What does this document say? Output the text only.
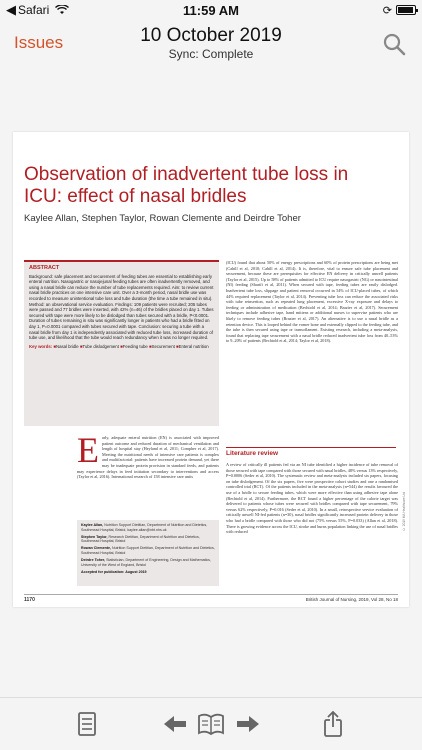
◀ Safari	11:59 AM	⟳
Issues	10 October 2019
Sync: Complete
Observation of inadvertent tube loss in ICU: effect of nasal bridles
Kaylee Allan, Stephen Taylor, Rowan Clemente and Deirdre Toher
ABSTRACT
Background: safe placement and securement of feeding tubes are essential to establishing early enteral nutrition. Nasogastric or nasojejunal feeding tubes are often inadvertently removed, and using a nasal bridle can reduce the number of tube replacements required. Aim: to review current nasal bridle practices on one intensive care unit. Over a 3-month period, nasal bridle use was recorded to measure unintentional tube loss and tube duration (the time a tube remained in situ). Method: an observational service evaluation. Findings: 109 patients were recruited; 205 tubes were passed and 77 bridles were inserted, with 42% (n=46) of the bridles placed on day 1. Tubes secured with tape were more likely to be dislodged than tubes secured with a bridle, P<0.0001. Duration of tubes remaining in situ was significantly longer in patients who had a bridle fitted on day 1, P=0.0001 compared with tubes secured with tape. Conclusion: securing a tube with a nasal bridle from day 1 is independently associated with reduced tube loss, increased duration of tube use, and likelihood that the tube would reach redundancy when it was no longer required.
Key words: ■Nasal bridle ■Tube dislodgement ■Feeding tube ■Securement ■Enteral nutrition
E arly, adequate enteral nutrition (EN) is associated with improved patient outcome and reduced duration of mechanical ventilation and length of hospital stay (Heyland et al, 2011; Compher et al, 2017). Meeting the nutritional needs of intensive care patients is complex and multifactorial: patients have increased protein demand, yet there may be inadequate protein provision in standard feeds, and patients may experience delays in feed initiation secondary to interventions and access (Taylor et al, 2016). International research of 158 intensive care units

Kaylee Allan, Nutrition Support Dietitian, Department of Nutrition and Dietetics, Southmead Hospital, Bristol, kaylee.allan@nbt.nhs.uk

Stephen Taylor, Research Dietitian, Department of Nutrition and Dietetics, Southmead Hospital, Bristol

Rowan Clemente, Nutrition Support Dietitian, Department of Nutrition and Dietetics, Southmead Hospital, Bristol

Deirdre Toher, Statistician, Department of Engineering, Design and Mathematics, University of the West of England, Bristol

Accepted for publication: August 2019

(ICU) found that about 50% of energy prescriptions and 60% of protein prescriptions are being met (Cahill et al, 2010; Cahill et al, 2014). It is, therefore, vital to ensure safe tube placement and securement, because these are prerequisites for effective EN delivery in critically unwell patients (Taylor et al, 2015). Up to 58% of patients admitted to ICU require nasogastric (NG) or nasointestinal (NI) feeding (Sharifi et al, 2011). When secured with tape, feeding tubes are easily dislodged. Inadvertent tube loss, slippage and patient removal occurred in 54% of ICU-placed tubes, of which 44% required replacement (Taylor et al, 2014). Preventing tube loss can reduce the associated risks with tube reinsertion, such as repeated lung placement, excessive X-ray exposure and delays to feeding or administration of medication (Bechtold et al, 2014; Brazier et al, 2017). Securement techniques include adhesive tape, hand mittens or additional nurses to supervise patients who are likely to remove feeding tubes (Brazier et al, 2017). An alternative is to use a nasal bridle as a retention device. This is looped behind the vomer bone and externally clipped to the feeding tube, and the tube is then secured using tape or transoflament. Existing research, including a meta-analysis, found that replacing tape securement with a nasal bridle reduced inadvertent tube loss from 40–53% to 9–20% of patients (Bechtold et al, 2014; Taylor et al, 2018).
Literature review
A review of critically ill patients fed via an NI tube identified a higher incidence of tube removal of those secured with tape compared with those secured with nasal bridles, 48% versus 13% respectively, P=0.0006 (Seder et al, 2010). The systematic review and meta-analysis included six papers, focusing on tube dislodgement. Of the six papers, five were prospective cohort studies and one a randomised controlled trial (RCT). Of the patients included in the meta-analysis (n=544) the results favoured the use of a bridle to secure feeding tubes, which were more effective than using adhesive tape alone (Bechtold et al, 2014). Furthermore, the RCT found a higher percentage of the calorie target was delivered to patients whose tubes were secured with bridles compared with tape securement, 79% versus 62% respectively, P=0.016 (Seder et al, 2010). In a small, retrospective service evaluation of critically unwell NI-fed patients (n=30), nasal bridles significantly increased protein delivery in those who had a bridle compared with those who did not (75% versus 55%, P=0.033) (Allan et al, 2018). There is growing evidence across the ICU, stroke and burns population linking the use of nasal bridles with reduced
© 2019 MA Healthcare Ltd
1170	British Journal of Nursing, 2019, Vol 28, No 18
